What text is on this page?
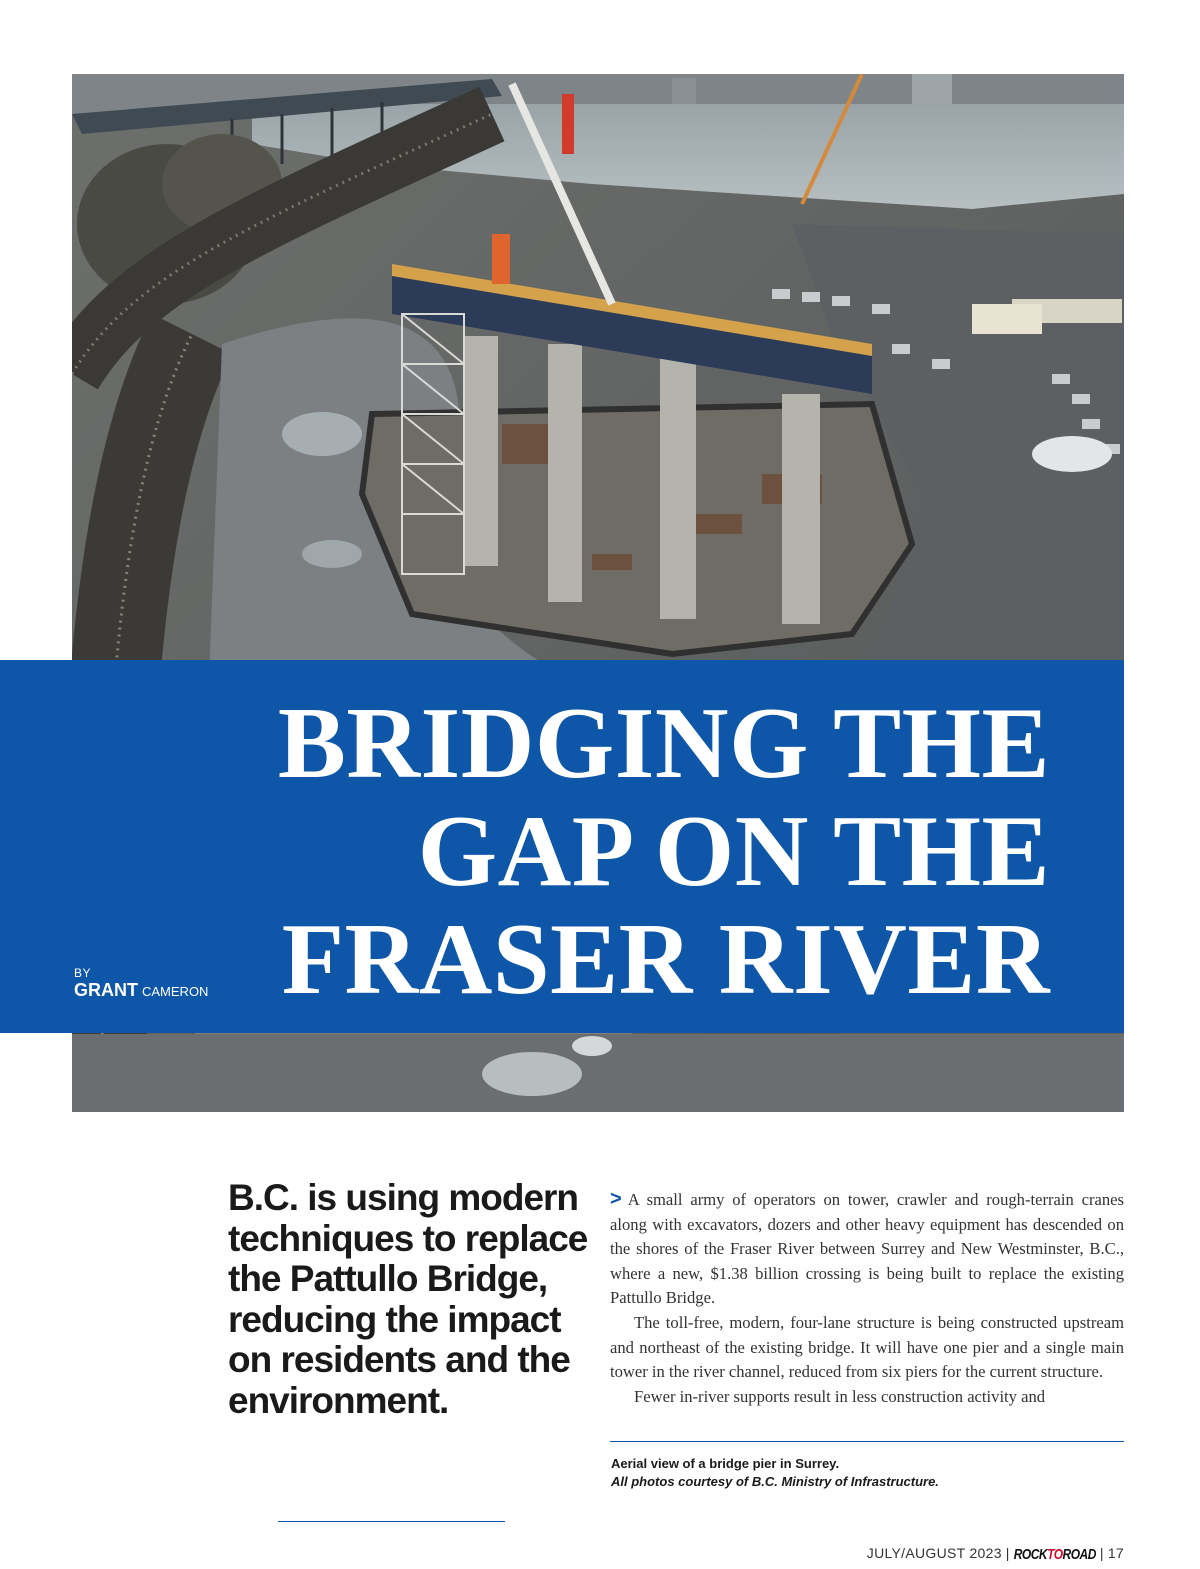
BRIDGING THE
GAP ON THE
FRASER RIVER
BY
GRANT CAMERON

B.C. is using modern techniques to replace the Pattullo Bridge, reducing the impact on residents and the environment.

> A small army of operators on tower, crawler and rough-terrain cranes along with excavators, dozers and other heavy equipment has descended on the shores of the Fraser River between Surrey and New Westminster, B.C., where a new, $1.38 billion crossing is being built to replace the existing Pattullo Bridge.

The toll-free, modern, four-lane structure is being constructed upstream and northeast of the existing bridge. It will have one pier and a single main tower in the river channel, reduced from six piers for the current structure.

Fewer in-river supports result in less construction activity and

Aerial view of a bridge pier in Surrey.
All photos courtesy of B.C. Ministry of Infrastructure.
JULY/AUGUST 2023 | ROCKTOROAD | 17
